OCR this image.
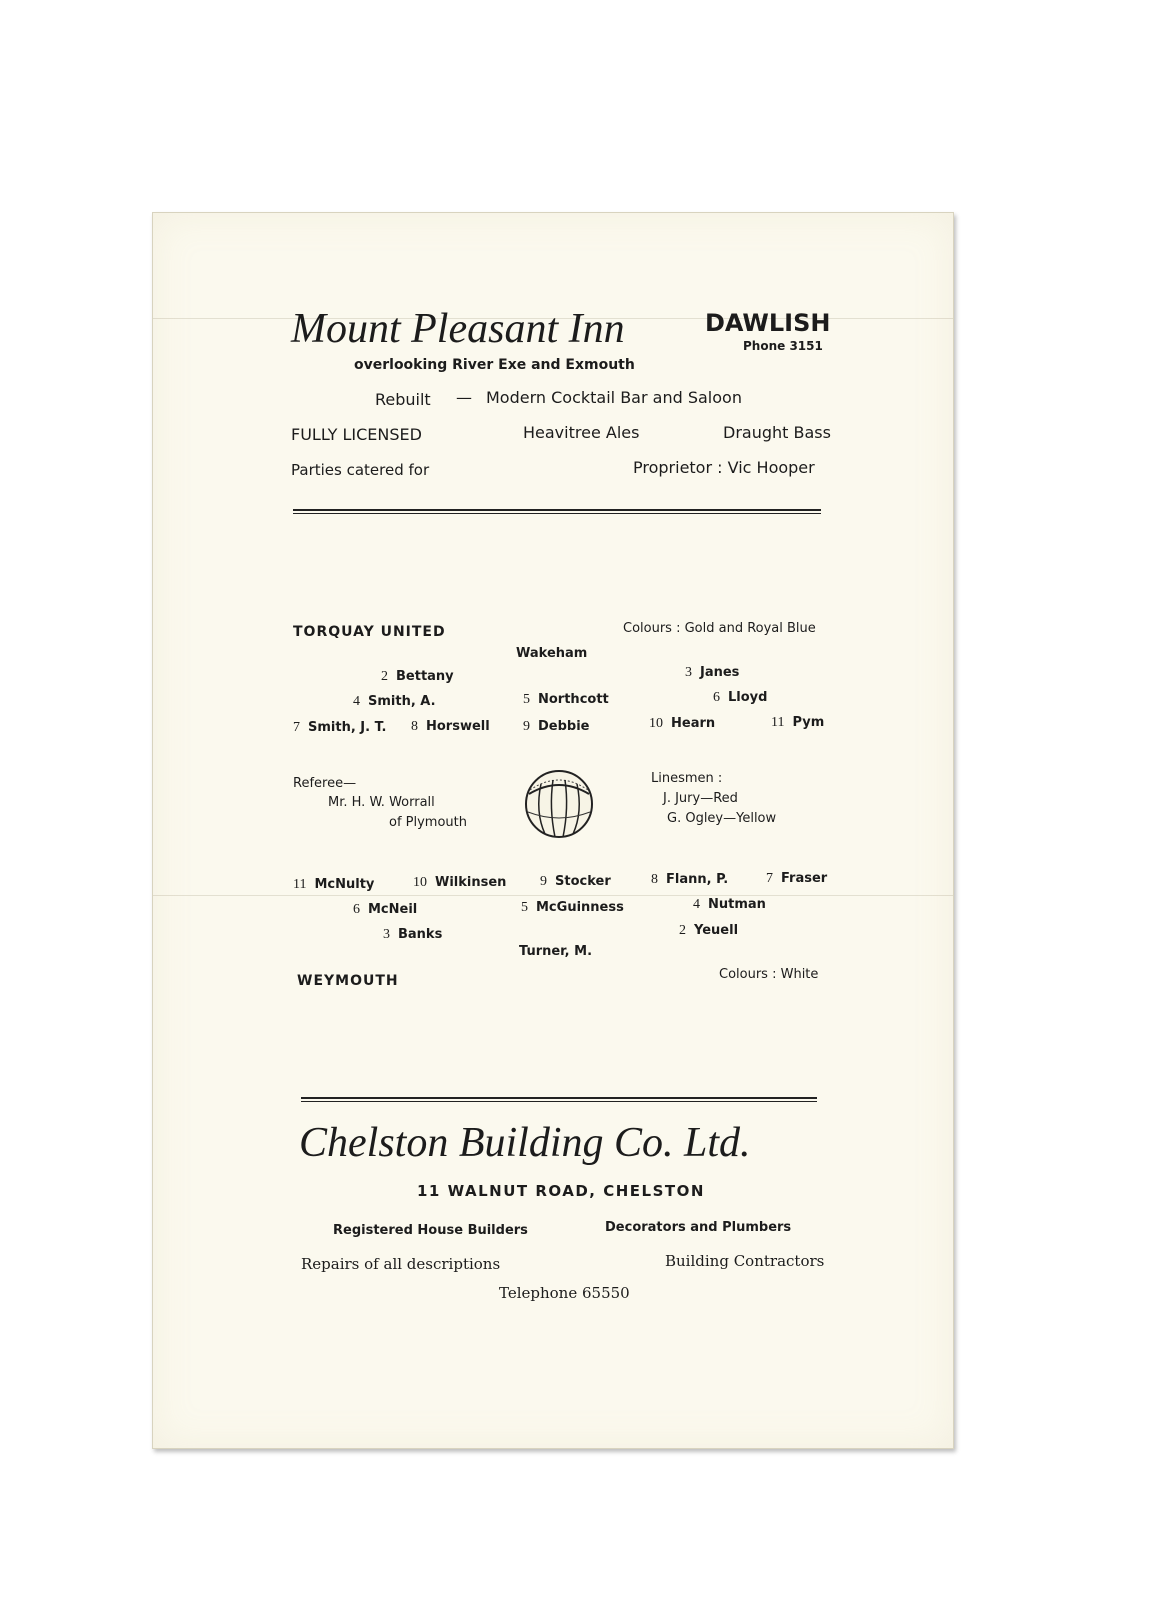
Mount Pleasant Inn	DAWLISH
Phone 3151
overlooking River Exe and Exmouth
Rebuilt — Modern Cocktail Bar and Saloon
FULLY LICENSED	Heavitree Ales	Draught Bass
Parties catered for	Proprietor : Vic Hooper
TORQUAY UNITED	Colours : Gold and Royal Blue
Wakeham
2 Bettany	3 Janes
4 Smith, A.	5 Northcott	6 Lloyd
7 Smith, J. T. 8 Horswell 9 Debbie	10 Hearn	11 Pym
Referee—
Mr. H. W. Worrall
of Plymouth
Linesmen :
J. Jury—Red
G. Ogley—Yellow
11 McNulty	10 Wilkinsen 9 Stocker	8 Flann, P.	7 Fraser
6 McNeil	5 McGuinness	4 Nutman
3 Banks	2 Yeuell
Turner, M.
WEYMOUTH	Colours : White
Chelston Building Co. Ltd.
11 WALNUT ROAD, CHELSTON
Registered House Builders	Decorators and Plumbers
Repairs of all descriptions	Building Contractors
Telephone 65550
